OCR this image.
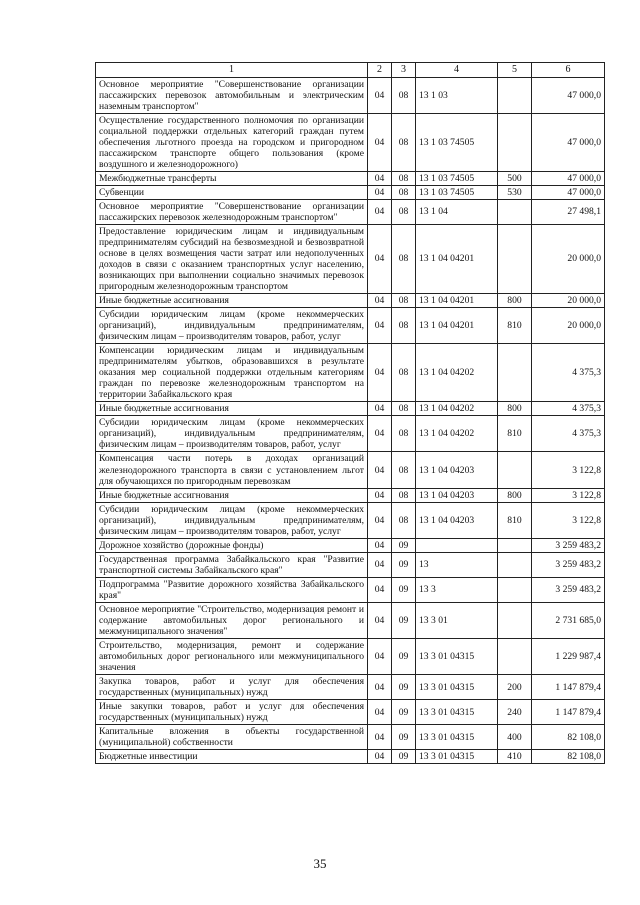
1	2	3	4	5	6
Основное мероприятие "Совершенствование организации пассажирских перевозок автомобильным и электрическим наземным транспортом"	04	08	13 1 03		47 000,0
Осуществление государственного полномочия по организации социальной поддержки отдельных категорий граждан путем обеспечения льготного проезда на городском и пригородном пассажирском транспорте общего пользования (кроме воздушного и железнодорожного)	04	08	13 1 03 74505		47 000,0
Межбюджетные трансферты	04	08	13 1 03 74505	500	47 000,0
Субвенции	04	08	13 1 03 74505	530	47 000,0
Основное мероприятие "Совершенствование организации пассажирских перевозок железнодорожным транспортом"	04	08	13 1 04		27 498,1
Предоставление юридическим лицам и индивидуальным предпринимателям субсидий на безвозмездной и безвозвратной основе в целях возмещения части затрат или недополученных доходов в связи с оказанием транспортных услуг населению, возникающих при выполнении социально значимых перевозок пригородным железнодорожным транспортом	04	08	13 1 04 04201		20 000,0
Иные бюджетные ассигнования	04	08	13 1 04 04201	800	20 000,0
Субсидии юридическим лицам (кроме некоммерческих организаций), индивидуальным предпринимателям, физическим лицам – производителям товаров, работ, услуг	04	08	13 1 04 04201	810	20 000,0
Компенсации юридическим лицам и индивидуальным предпринимателям убытков, образовавшихся в результате оказания мер социальной поддержки отдельным категориям граждан по перевозке железнодорожным транспортом на территории Забайкальского края	04	08	13 1 04 04202		4 375,3
Иные бюджетные ассигнования	04	08	13 1 04 04202	800	4 375,3
Субсидии юридическим лицам (кроме некоммерческих организаций), индивидуальным предпринимателям, физическим лицам – производителям товаров, работ, услуг	04	08	13 1 04 04202	810	4 375,3
Компенсация части потерь в доходах организаций железнодорожного транспорта в связи с установлением льгот для обучающихся по пригородным перевозкам	04	08	13 1 04 04203		3 122,8
Иные бюджетные ассигнования	04	08	13 1 04 04203	800	3 122,8
Субсидии юридическим лицам (кроме некоммерческих организаций), индивидуальным предпринимателям, физическим лицам – производителям товаров, работ, услуг	04	08	13 1 04 04203	810	3 122,8
Дорожное хозяйство (дорожные фонды)	04	09			3 259 483,2
Государственная программа Забайкальского края "Развитие транспортной системы Забайкальского края"	04	09	13		3 259 483,2
Подпрограмма "Развитие дорожного хозяйства Забайкальского края"	04	09	13 3		3 259 483,2
Основное мероприятие "Строительство, модернизация ремонт и содержание автомобильных дорог регионального и межмуниципального значения"	04	09	13 3 01		2 731 685,0
Строительство, модернизация, ремонт и содержание автомобильных дорог регионального или межмуниципального значения	04	09	13 3 01 04315		1 229 987,4
Закупка товаров, работ и услуг для обеспечения государственных (муниципальных) нужд	04	09	13 3 01 04315	200	1 147 879,4
Иные закупки товаров, работ и услуг для обеспечения государственных (муниципальных) нужд	04	09	13 3 01 04315	240	1 147 879,4
Капитальные вложения в объекты государственной (муниципальной) собственности	04	09	13 3 01 04315	400	82 108,0
Бюджетные инвестиции	04	09	13 3 01 04315	410	82 108,0
35
